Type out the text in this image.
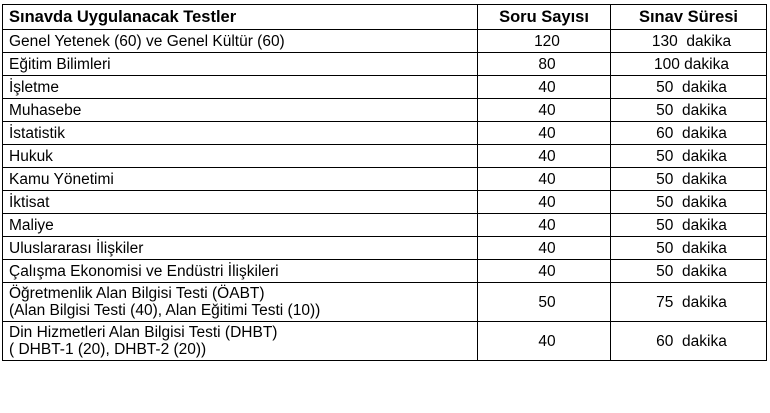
Sınavda Uygulanacak Testler	Soru Sayısı	Sınav Süresi

Genel Yetenek (60) ve Genel Kültür (60)	120	130  dakika

Eğitim Bilimleri	80	100 dakika

İşletme	40	50  dakika

Muhasebe	40	50  dakika

İstatistik	40	60  dakika

Hukuk	40	50  dakika

Kamu Yönetimi	40	50  dakika

İktisat	40	50  dakika

Maliye	40	50  dakika

Uluslararası İlişkiler	40	50  dakika

Çalışma Ekonomisi ve Endüstri İlişkileri	40	50  dakika

Öğretmenlik Alan Bilgisi Testi (ÖABT)
(Alan Bilgisi Testi (40), Alan Eğitimi Testi (10))	50	75  dakika

Din Hizmetleri Alan Bilgisi Testi (DHBT)
( DHBT-1 (20), DHBT-2 (20))	40	60  dakika
